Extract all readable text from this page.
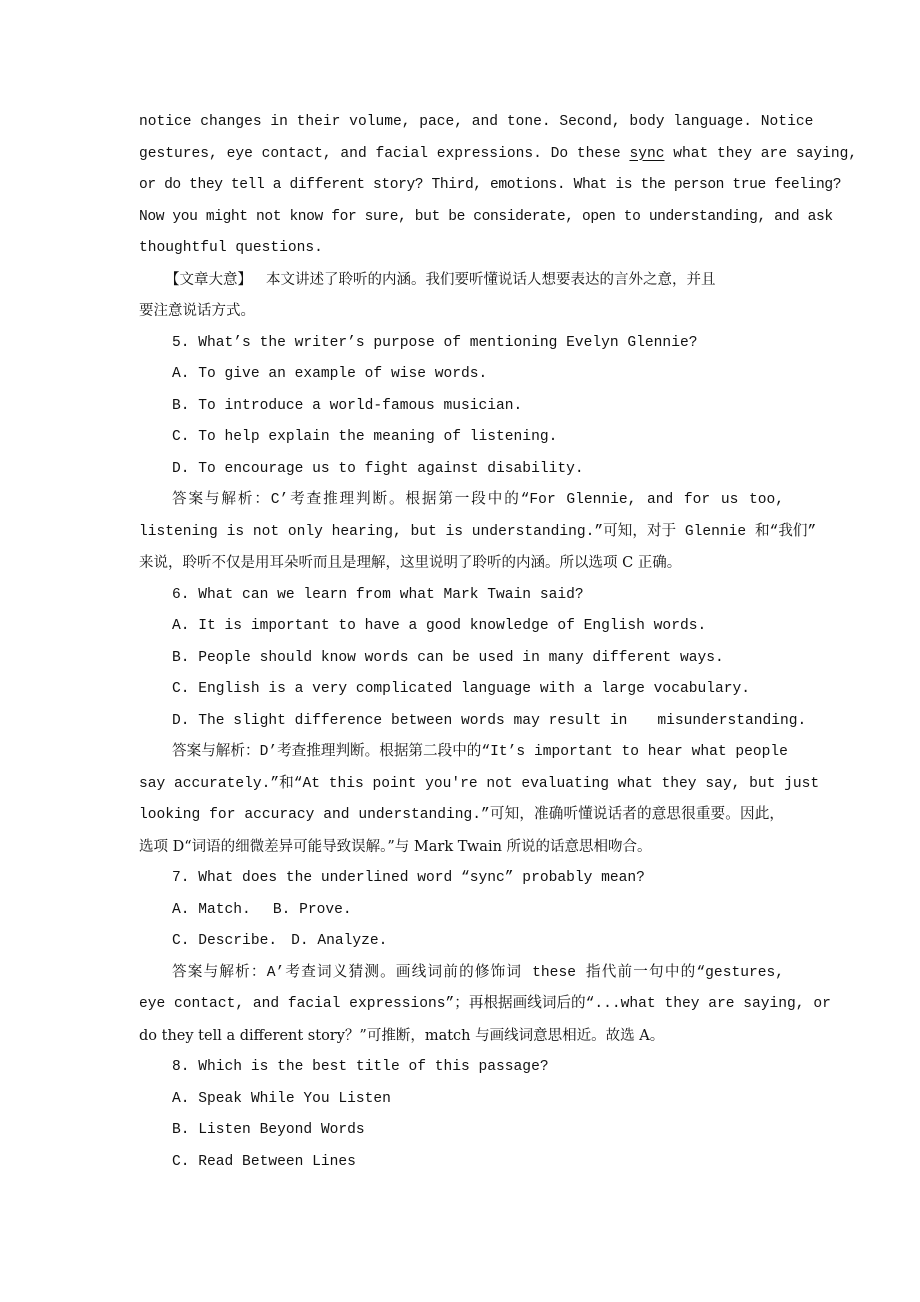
notice changes in their volume, pace, and tone. Second, body language. Notice
gestures, eye contact, and facial expressions. Do these sync what they are saying,
or do they tell a different story? Third, emotions. What is the person true feeling?
Now you might not know for sure, but be considerate, open to understanding, and ask
thoughtful questions.
【文章大意】 本文讲述了聆听的内涵。我们要听懂说话人想要表达的言外之意，并且
要注意说话方式。
5. What’s the writer’s purpose of mentioning Evelyn Glennie?
A. To give an example of wise words.
B. To introduce a world-famous musician.
C. To help explain the meaning of listening.
D. To encourage us to fight against disability.
答案与解析：C’考查推理判断。根据第一段中的“For Glennie, and for us too,
listening is not only hearing, but is understanding.”可知，对于 Glennie 和“我们”
来说，聆听不仅是用耳朵听而且是理解，这里说明了聆听的内涵。所以选项 C 正确。
6. What can we learn from what Mark Twain said?
A. It is important to have a good knowledge of English words.
B. People should know words can be used in many different ways.
C. English is a very complicated language with a large vocabulary.
D. The slight difference between words may result in misunderstanding.
答案与解析：D’考查推理判断。根据第二段中的“It’s important to hear what people
say accurately.”和“At this point you're not evaluating what they say, but just
looking for accuracy and understanding.”可知，准确听懂说话者的意思很重要。因此，
选项 D“词语的细微差异可能导致误解。”与 Mark Twain 所说的话意思相吻合。
7. What does the underlined word “sync” probably mean?
A. Match. B. Prove.
C. Describe. D. Analyze.
答案与解析：A’考查词义猜测。画线词前的修饰词 these 指代前一句中的“gestures,
eye contact, and facial expressions”；再根据画线词后的“...what they are saying, or
do they tell a different story？”可推断，match 与画线词意思相近。故选 A。
8. Which is the best title of this passage?
A. Speak While You Listen
B. Listen Beyond Words
C. Read Between Lines
